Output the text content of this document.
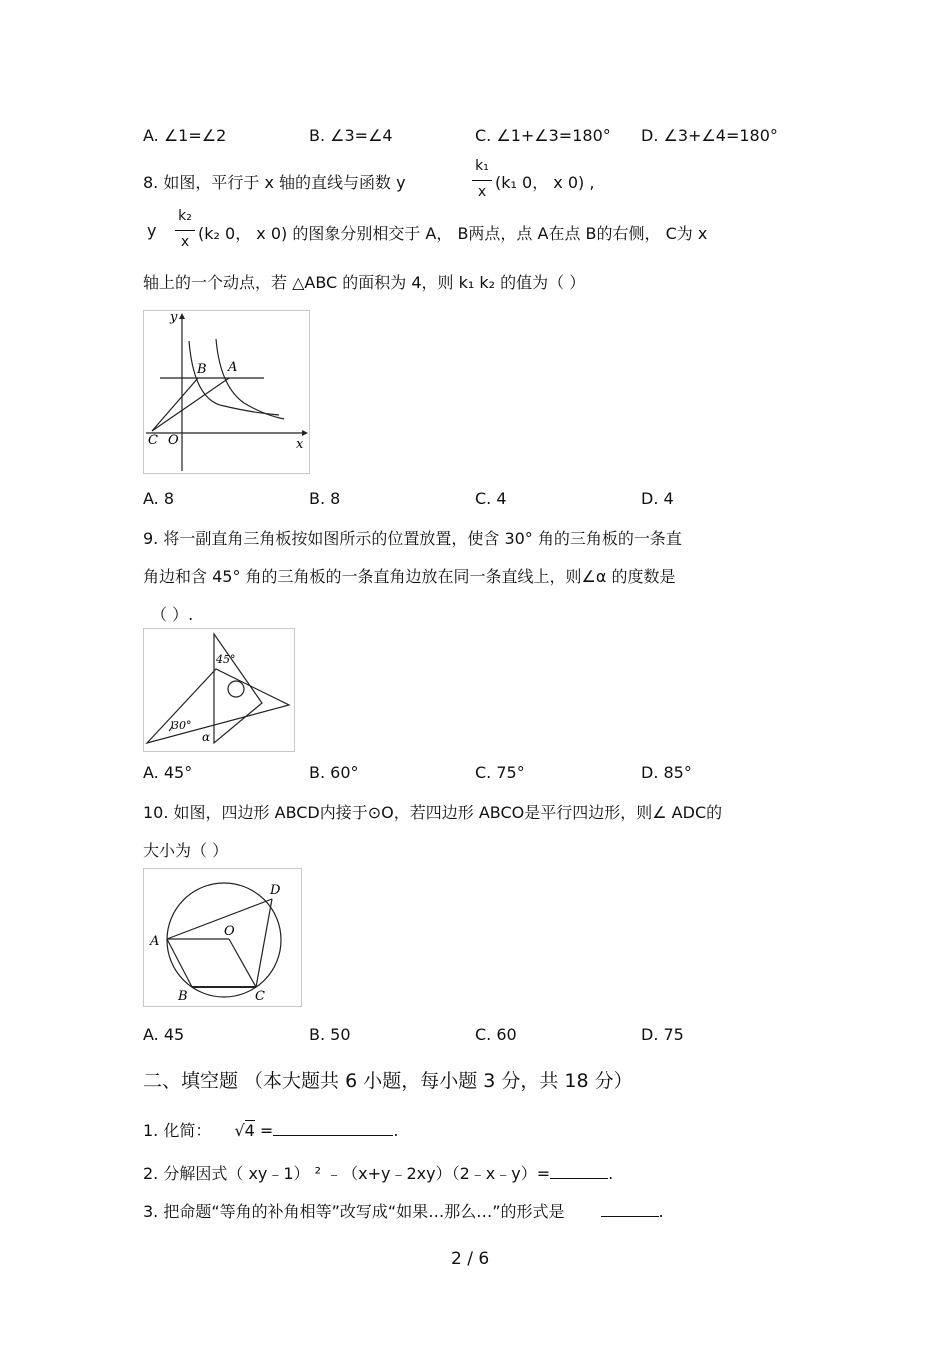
A. ∠1=∠2	B. ∠3=∠4	C. ∠1+∠3=180° D. ∠3+∠4=180°
8. 如图，平行于 x 轴的直线与函数 y
k₁
x (k₁ 0， x 0) ,
y
k₂
x (k₂ 0， x 0) 的图象分别相交于 A， B两点，点 A在点 B的右侧， C为 x
轴上的一个动点，若 △ABC 的面积为 4，则 k₁ k₂ 的值为（ ）
y
x
B A
C O
A. 8	B. 8	C. 4	D. 4
9. 将一副直角三角板按如图所示的位置放置，使含 30° 角的三角板的一条直
角边和含 45° 角的三角板的一条直角边放在同一条直线上，则∠α 的度数是
（ ）.
45°
30°
α
A. 45°	B. 60°	C. 75°	D. 85°
10. 如图，四边形 ABCD内接于⊙O，若四边形 ABCO是平行四边形，则∠ ADC的
大小为（ ）
D
O
A
B	C
A. 45	B. 50	C. 60	D. 75
二、填空题 （本大题共 6 小题，每小题 3 分，共 18 分）
1. 化简： √4 =	.
2. 分解因式（ xy﹣1） ² ﹣（x+y﹣2xy）（2﹣x﹣y）=	.
3. 把命题“等角的补角相等”改写成“如果…那么…”的形式是	.
2 / 6
